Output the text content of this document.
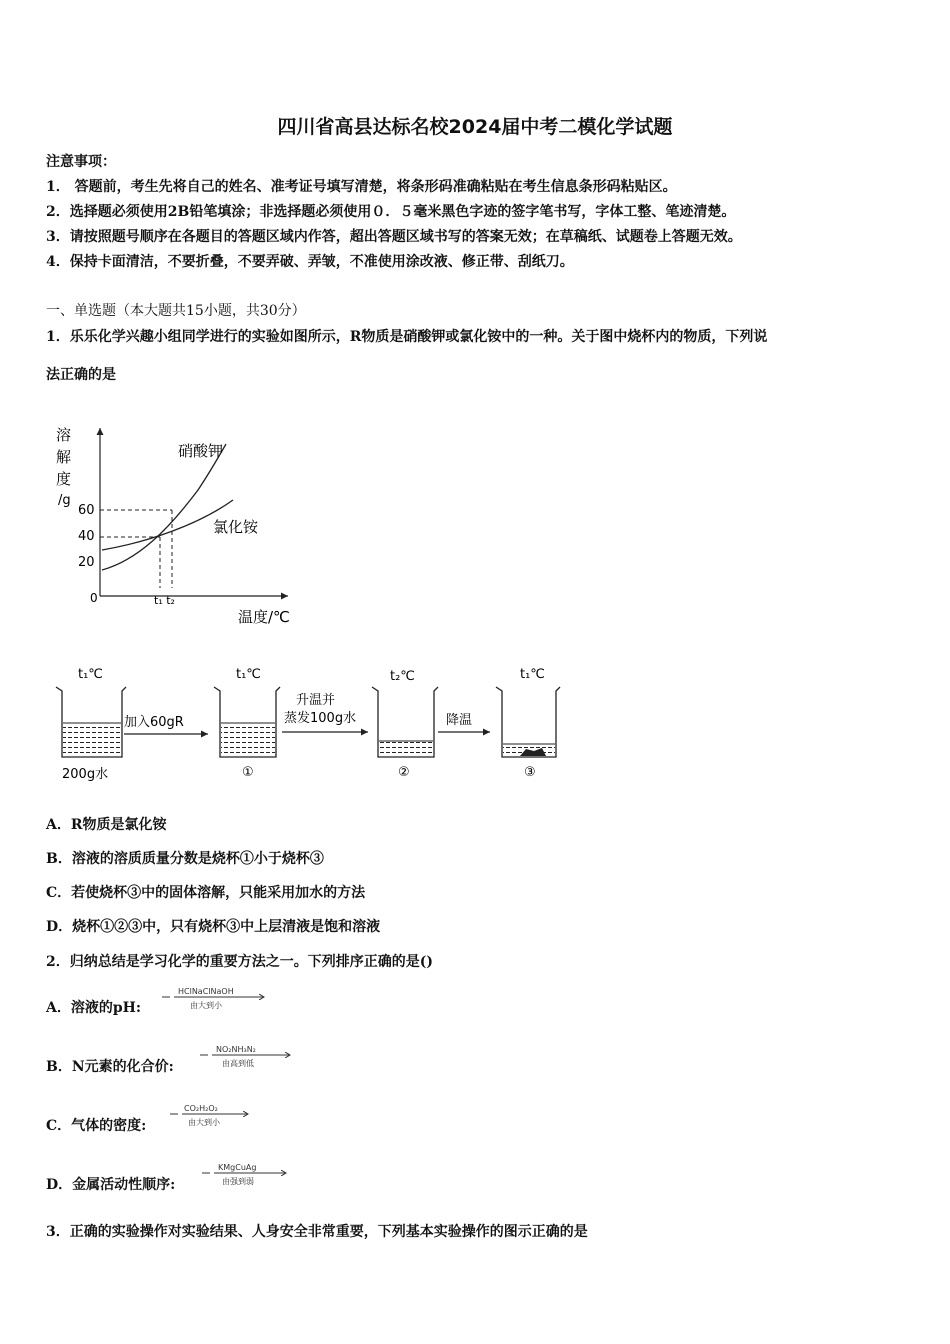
四川省高县达标名校2024届中考二模化学试题
注意事项：
1． 答题前，考生先将自己的姓名、准考证号填写清楚，将条形码准确粘贴在考生信息条形码粘贴区。
2．选择题必须使用2B铅笔填涂；非选择题必须使用０．５毫米黑色字迹的签字笔书写，字体工整、笔迹清楚。
3．请按照题号顺序在各题目的答题区域内作答，超出答题区域书写的答案无效；在草稿纸、试题卷上答题无效。
4．保持卡面清洁，不要折叠，不要弄破、弄皱，不准使用涂改液、修正带、刮纸刀。
一、单选题（本大题共15小题，共30分）
1．乐乐化学兴趣小组同学进行的实验如图所示，R物质是硝酸钾或氯化铵中的一种。关于图中烧杯内的物质，下列说
法正确的是
溶
解
度
/g
60
40
20
0	t₁ t₂
温度/℃
硝酸钾
氯化铵
t₁℃
200g水
加入60gR
t₁℃
①
升温并
蒸发100g水
t₂℃
②
降温
t₁℃
③
A．R物质是氯化铵
B．溶液的溶质质量分数是烧杯①小于烧杯③
C．若使烧杯③中的固体溶解，只能采用加水的方法
D．烧杯①②③中，只有烧杯③中上层清液是饱和溶液
2．归纳总结是学习化学的重要方法之一。下列排序正确的是()
A．溶液的pH:
HClNaClNaOH
由大到小
B．N元素的化合价:
NO₂NH₃N₂
由高到低
C．气体的密度:
CO₂H₂O₂
由大到小
D．金属活动性顺序:
KMgCuAg
由强到弱
3．正确的实验操作对实验结果、人身安全非常重要，下列基本实验操作的图示正确的是
